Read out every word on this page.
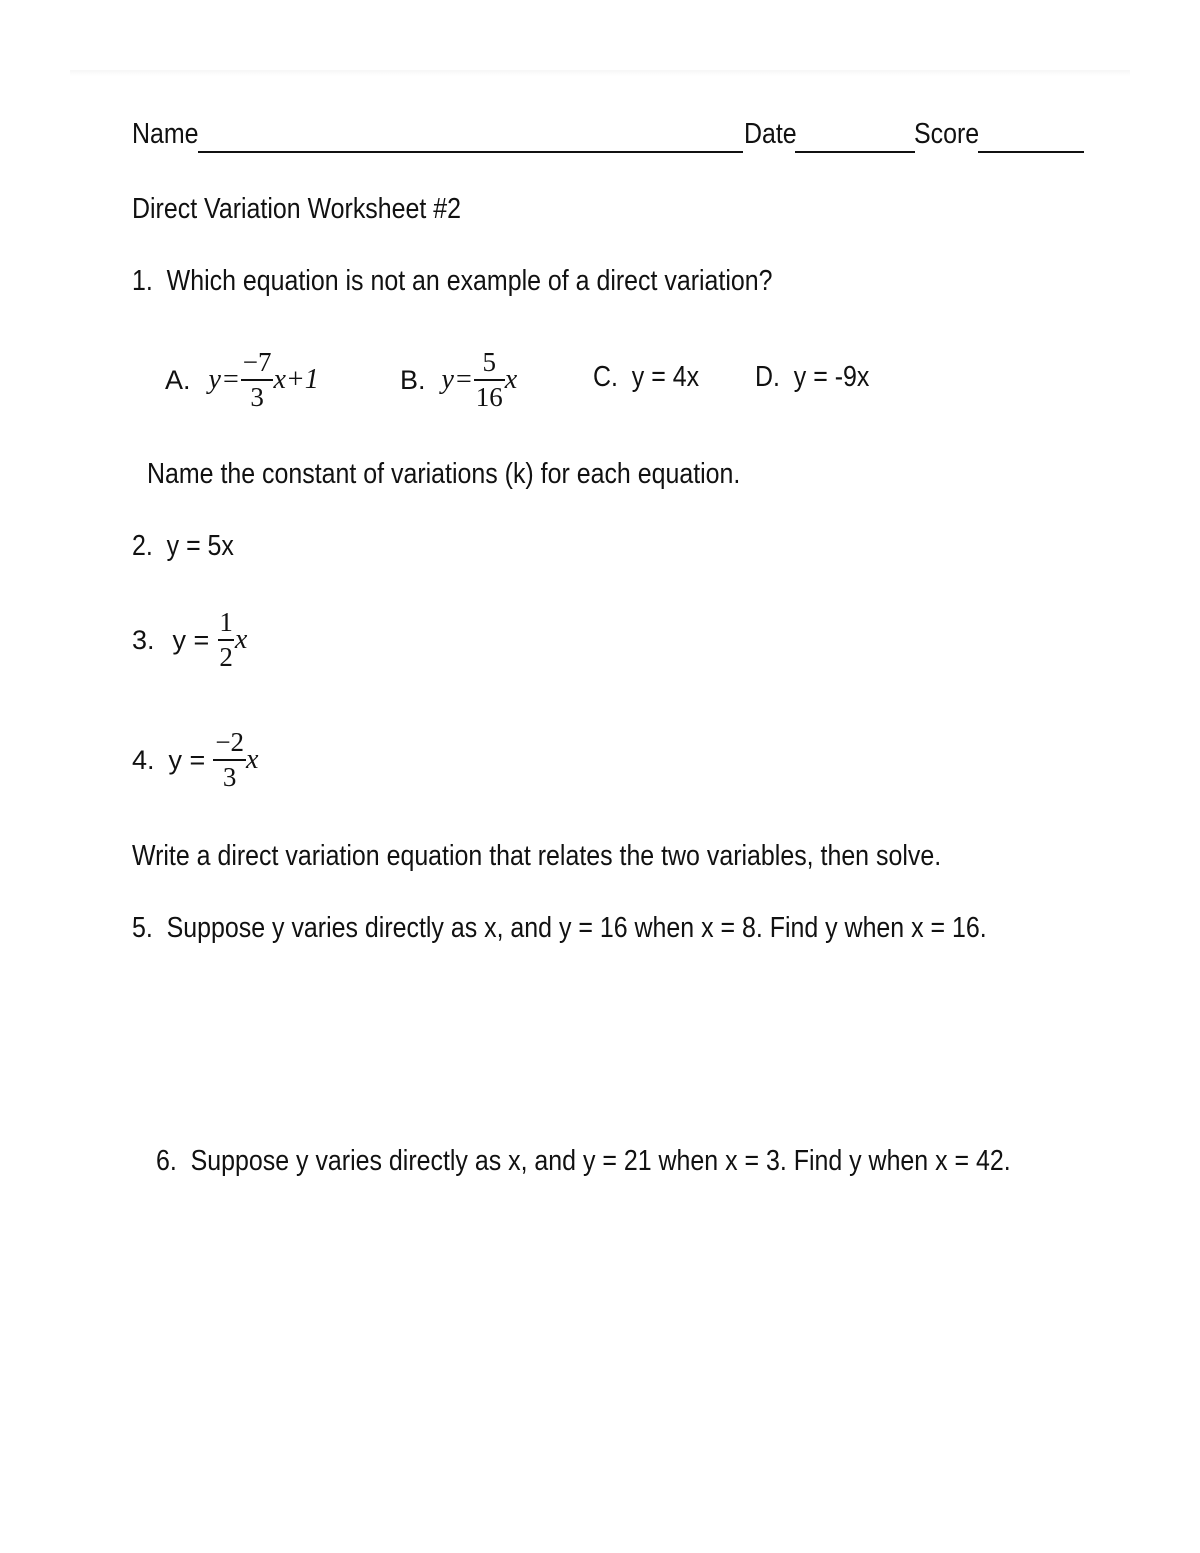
Name	Date	Score
Direct Variation Worksheet #2
1. Which equation is not an example of a direct variation?
A. $y = \frac{-7}{3} x+1$	B. $y = \frac{5}{16}$ x	C. y = 4x D. y = -9x
Name the constant of variations (k) for each equation.
2. y = 5x
3. $y = \frac{1}{2}$ x
4. $y = \frac{-2}{3}$ x
Write a direct variation equation that relates the two variables, then solve.
5. Suppose y varies directly as x, and y = 16 when x = 8. Find y when x = 16.
6. Suppose y varies directly as x, and y = 21 when x = 3. Find y when x = 42.
